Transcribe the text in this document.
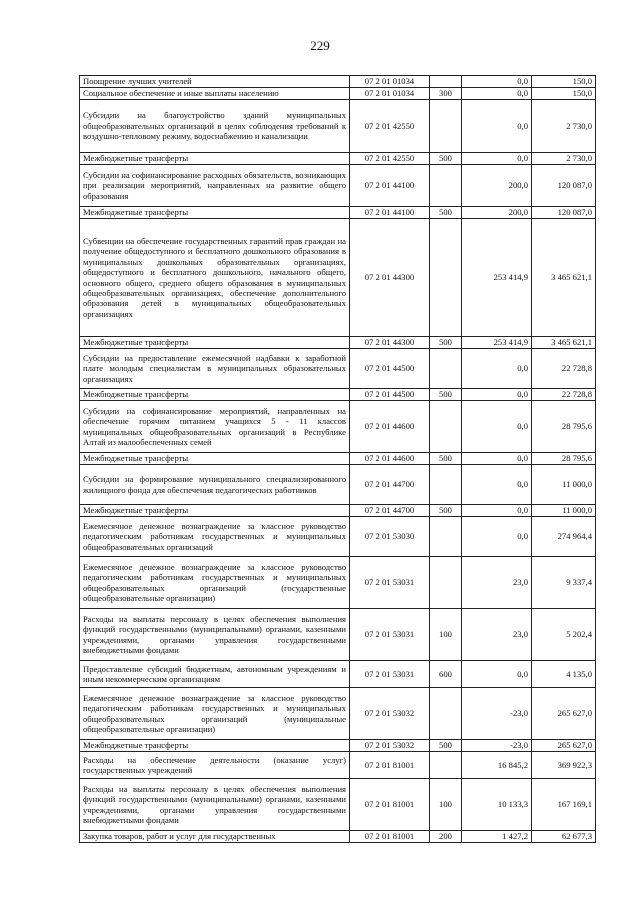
229
Поощрение лучших учителей	07 2 01 01034		0,0	150,0
Социальное обеспечение и иные выплаты населению	07 2 01 01034	300	0,0	150,0
Субсидии на благоустройство зданий муниципальных общеобразовательных организаций в целях соблюдения требований к воздушно-тепловому режиму, водоснабжению и канализации	07 2 01 42550		0,0	2 730,0
Межбюджетные трансферты	07 2 01 42550	500	0,0	2 730,0
Субсидии на софинансирование расходных обязательств, возникающих при реализации мероприятий, направленных на развитие общего образования	07 2 01 44100		200,0	120 087,0
Межбюджетные трансферты	07 2 01 44100	500	200,0	120 087,0
Субвенции на обеспечение государственных гарантий прав граждан на получение общедоступного и бесплатного дошкольного образования в муниципальных дошкольных образовательных организациях, общедоступного и бесплатного дошкольного, начального общего, основного общего, среднего общего образования в муниципальных общеобразовательных организациях, обеспечение дополнительного образования детей в муниципальных общеобразовательных организациях	07 2 01 44300		253 414,9	3 465 621,1
Межбюджетные трансферты	07 2 01 44300	500	253 414,9	3 465 621,1
Субсидии на предоставление ежемесячной надбавки к заработной плате молодым специалистам в муниципальных образовательных организациях	07 2 01 44500		0,0	22 728,8
Межбюджетные трансферты	07 2 01 44500	500	0,0	22 728,8
Субсидии на софинансирование мероприятий, направленных на обеспечение горячим питанием учащихся 5 - 11 классов муниципальных общеобразовательных организаций в Республике Алтай из малообеспеченных семей	07 2 01 44600		0,0	28 795,6
Межбюджетные трансферты	07 2 01 44600	500	0,0	28 795,6
Субсидии на формирование муниципального специализированного жилищного фонда для обеспечения педагогических работников	07 2 01 44700		0,0	11 000,0
Межбюджетные трансферты	07 2 01 44700	500	0,0	11 000,0
Ежемесячное денежное вознаграждение за классное руководство педагогическим работникам государственных и муниципальных общеобразовательных организаций	07 2 01 53030		0,0	274 964,4
Ежемесячное денежное вознаграждение за классное руководство педагогическим работникам государственных и муниципальных общеобразовательных организаций (государственные общеобразовательные организации)	07 2 01 53031		23,0	9 337,4
Расходы на выплаты персоналу в целях обеспечения выполнения функций государственными (муниципальными) органами, казенными учреждениями, органами управления государственными внебюджетными фондами	07 2 01 53031	100	23,0	5 202,4
Предоставление субсидий бюджетным, автономным учреждениям и иным некоммерческим организациям	07 2 01 53031	600	0,0	4 135,0
Ежемесячное денежное вознаграждение за классное руководство педагогическим работникам государственных и муниципальных общеобразовательных организаций (муниципальные общеобразовательные организации)	07 2 01 53032		-23,0	265 627,0
Межбюджетные трансферты	07 2 01 53032	500	-23,0	265 627,0
Расходы на обеспечение деятельности (оказание услуг) государственных учреждений	07 2 01 81001		16 845,2	369 922,3
Расходы на выплаты персоналу в целях обеспечения выполнения функций государственными (муниципальными) органами, казенными учреждениями, органами управления государственными внебюджетными фондами	07 2 01 81001	100	10 133,3	167 169,1
Закупка товаров, работ и услуг для государственных	07 2 01 81001	200	1 427,2	62 677,3
